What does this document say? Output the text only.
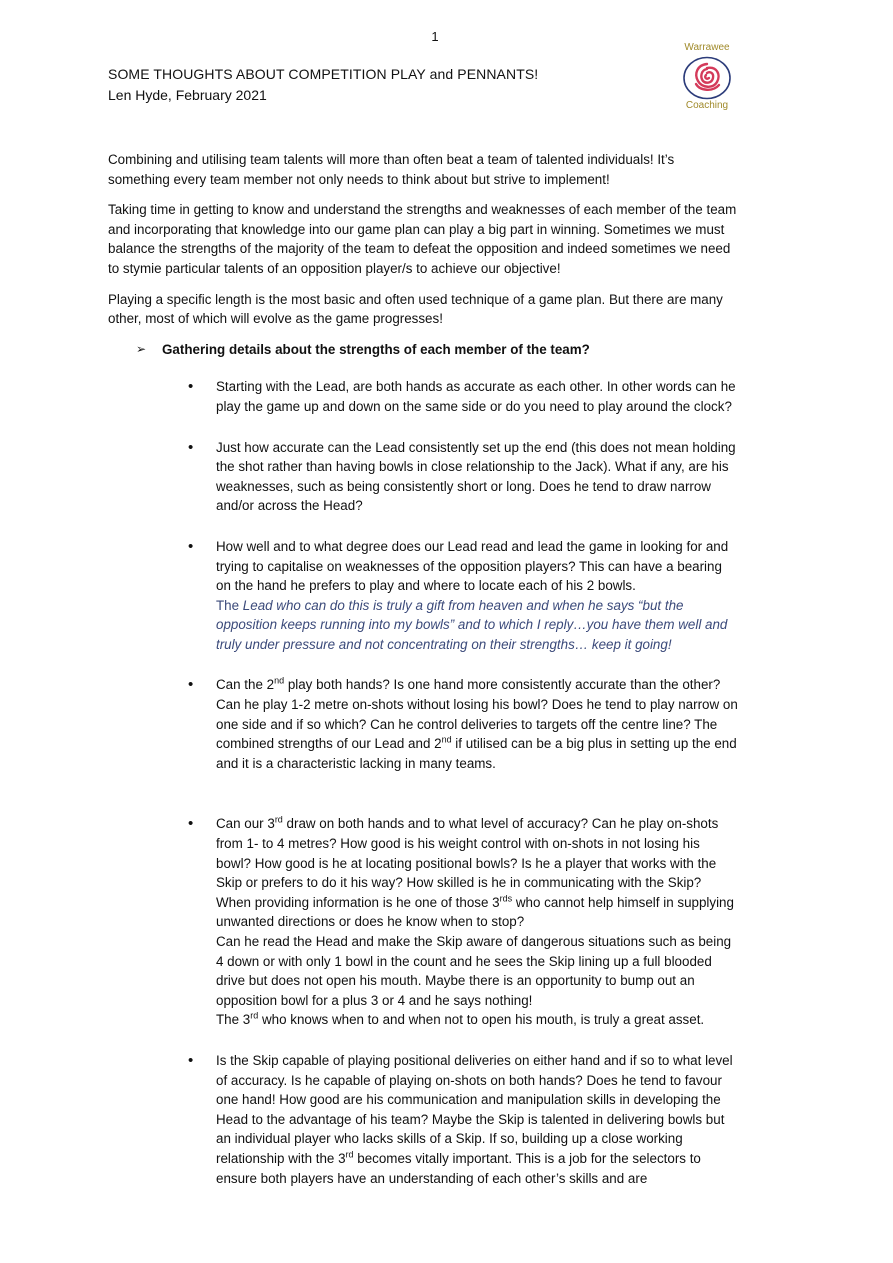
1
SOME THOUGHTS ABOUT COMPETITION PLAY and PENNANTS!
Len Hyde, February 2021
Warrawee
Coaching

Combining and utilising team talents will more than often beat a team of talented individuals! It’s something every team member not only needs to think about but strive to implement!

Taking time in getting to know and understand the strengths and weaknesses of each member of the team and incorporating that knowledge into our game plan can play a big part in winning. Sometimes we must balance the strengths of the majority of the team to defeat the opposition and indeed sometimes we need to stymie particular talents of an opposition player/s to achieve our objective!

Playing a specific length is the most basic and often used technique of a game plan. But there are many other, most of which will evolve as the game progresses!

➢ Gathering details about the strengths of each member of the team?
• Starting with the Lead, are both hands as accurate as each other. In other words can he play the game up and down on the same side or do you need to play around the clock?

• Just how accurate can the Lead consistently set up the end (this does not mean holding the shot rather than having bowls in close relationship to the Jack). What if any, are his weaknesses, such as being consistently short or long. Does he tend to draw narrow and/or across the Head?

• How well and to what degree does our Lead read and lead the game in looking for and trying to capitalise on weaknesses of the opposition players? This can have a bearing on the hand he prefers to play and where to locate each of his 2 bowls.

The Lead who can do this is truly a gift from heaven and when he says “but the opposition keeps running into my bowls” and to which I reply…you have them well and truly under pressure and not concentrating on their strengths… keep it going!

• Can the 2nd play both hands? Is one hand more consistently accurate than the other? Can he play 1-2 metre on-shots without losing his bowl? Does he tend to play narrow on one side and if so which? Can he control deliveries to targets off the centre line? The combined strengths of our Lead and 2nd if utilised can be a big plus in setting up the end and it is a characteristic lacking in many teams.

• Can our 3rd draw on both hands and to what level of accuracy? Can he play on-shots from 1- to 4 metres? How good is his weight control with on-shots in not losing his bowl? How good is he at locating positional bowls? Is he a player that works with the Skip or prefers to do it his way? How skilled is he in communicating with the Skip? When providing information is he one of those $3^{rds}$ who cannot help himself in supplying unwanted directions or does he know when to stop?

Can he read the Head and make the Skip aware of dangerous situations such as being 4 down or with only 1 bowl in the count and he sees the Skip lining up a full blooded drive but does not open his mouth. Maybe there is an opportunity to bump out an opposition bowl for a plus 3 or 4 and he says nothing!

The 3rd who knows when to and when not to open his mouth, is truly a great asset.

• Is the Skip capable of playing positional deliveries on either hand and if so to what level of accuracy. Is he capable of playing on-shots on both hands? Does he tend to favour one hand! How good are his communication and manipulation skills in developing the Head to the advantage of his team? Maybe the Skip is talented in delivering bowls but an individual player who lacks skills of a Skip. If so, building up a close working relationship with the 3rd becomes vitally important. This is a job for the selectors to ensure both players have an understanding of each other’s skills and are
